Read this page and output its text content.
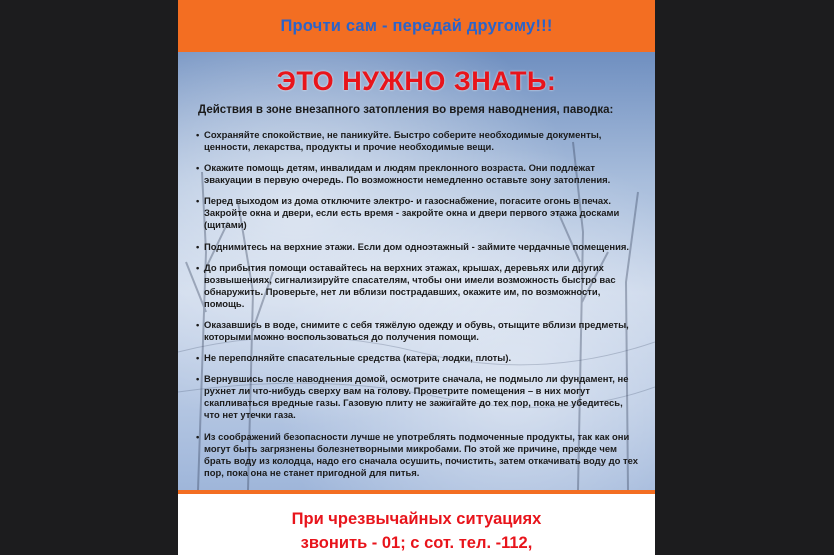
Прочти сам - передай другому!!!
ЭТО НУЖНО ЗНАТЬ:
Действия в зоне внезапного затопления во время наводнения, паводка:
• Сохраняйте спокойствие, не паникуйте. Быстро соберите необходимые документы, ценности, лекарства, продукты и прочие необходимые вещи.
• Окажите помощь детям, инвалидам и людям преклонного возраста. Они подлежат эвакуации в первую очередь. По возможности немедленно оставьте зону затопления.
• Перед выходом из дома отключите электро- и газоснабжение, погасите огонь в печах. Закройте окна и двери, если есть время - закройте окна и двери первого этажа досками (щитами)
• Поднимитесь на верхние этажи. Если дом одноэтажный - займите чердачные помещения.
• До прибытия помощи оставайтесь на верхних этажах, крышах, деревьях или других возвышениях, сигнализируйте спасателям, чтобы они имели возможность быстро вас обнаружить. Проверьте, нет ли вблизи пострадавших, окажите им, по возможности, помощь.
• Оказавшись в воде, снимите с себя тяжёлую одежду и обувь, отыщите вблизи предметы, которыми можно воспользоваться до получения помощи.
• Не переполняйте спасательные средства (катера, лодки, плоты).
• Вернувшись после наводнения домой, осмотрите сначала, не подмыло ли фундамент, не рухнет ли что-нибудь сверху вам на голову. Проветрите помещения – в них могут скапливаться вредные газы. Газовую плиту не зажигайте до тех пор, пока не убедитесь, что нет утечки газа.
• Из соображений безопасности лучше не употреблять подмоченные продукты, так как они могут быть загрязнены болезнетворными микробами. По этой же причине, прежде чем брать воду из колодца, надо его сначала осушить, почистить, затем откачивать воду до тех пор, пока она не станет пригодной для питья.
При чрезвычайных ситуациях
звонить - 01; с сот. тел. -112,
